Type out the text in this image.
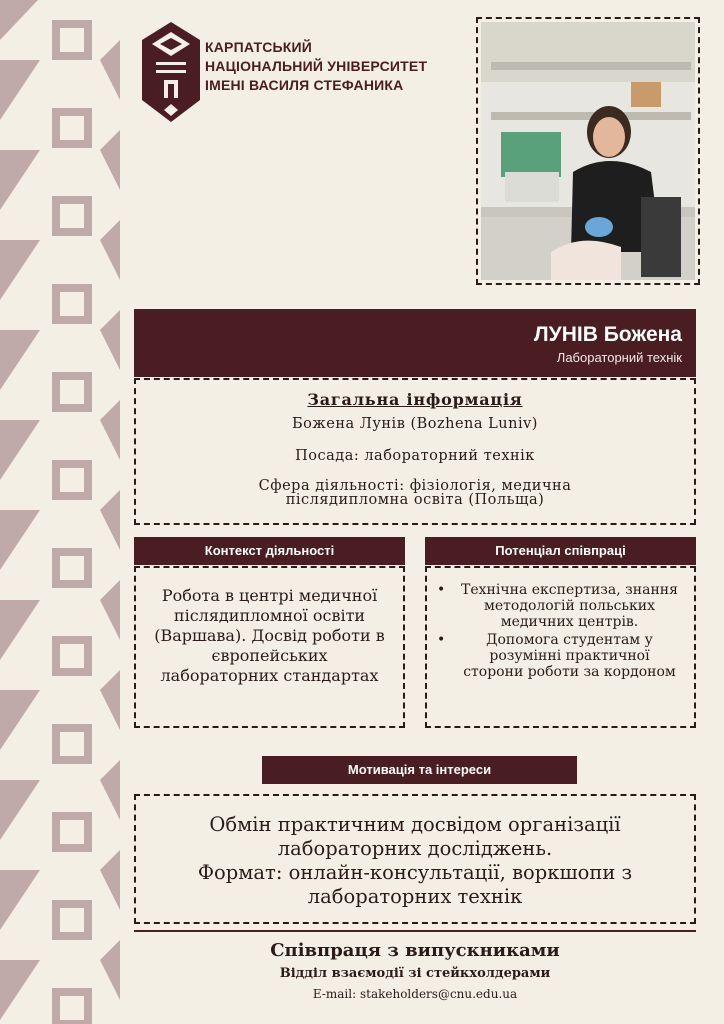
КАРПАТСЬКИЙ
НАЦІОНАЛЬНИЙ УНІВЕРСИТЕТ
ІМЕНІ ВАСИЛЯ СТЕФАНИКА
ЛУНІВ Божена
Лабораторний технік
Загальна інформація
Божена Лунів (Bozhena Luniv)
Посада: лабораторний технік
Сфера діяльності: фізіологія, медична
післядипломна освіта (Польща)
Контекст діяльності
Робота в центрі медичної
післядипломної освіти
(Варшава). Досвід роботи в
європейських
лабораторних стандартах
Потенціал співпраці
• Технічна експертиза, знання
методологій польських
медичних центрів.
• Допомога студентам у
розумінні практичної
сторони роботи за кордоном
Мотивація та інтереси
Обмін практичним досвідом організації
лабораторних досліджень.
Формат: онлайн-консультації, воркшопи з
лабораторних технік
Співпраця з випускниками
Відділ взаємодії зі стейкхолдерами
E-mail: stakeholders@cnu.edu.ua
